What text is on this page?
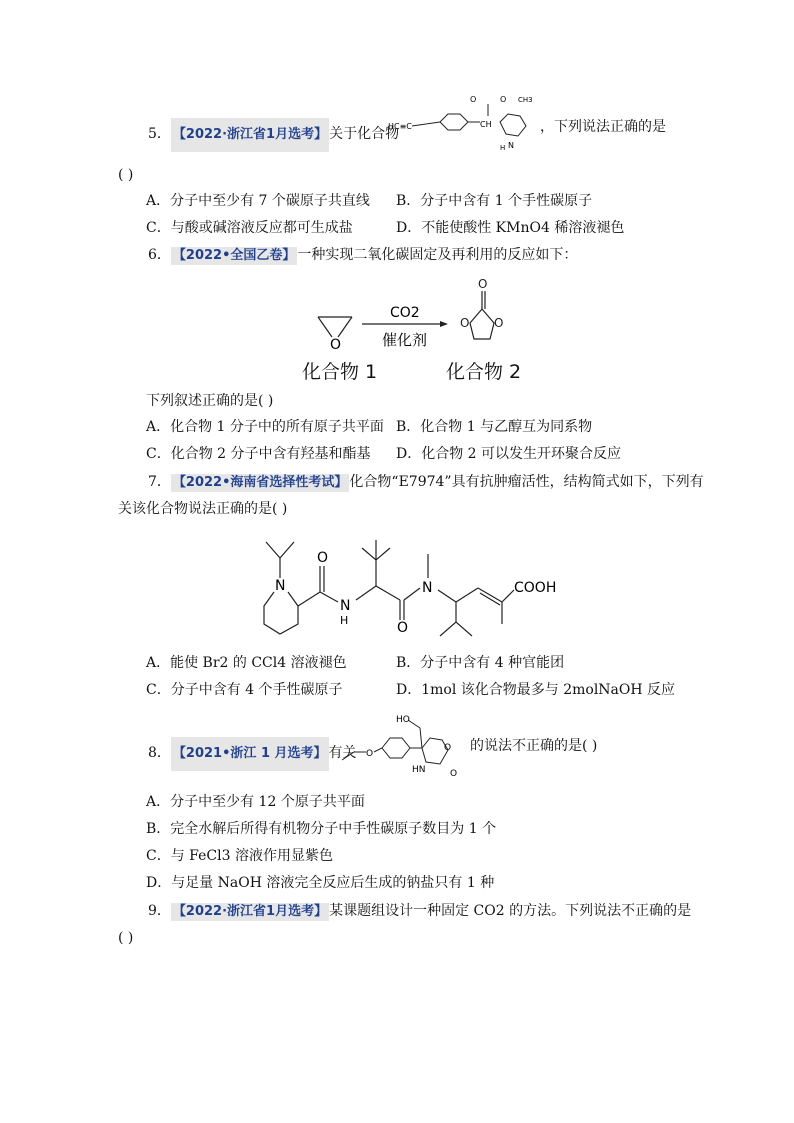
5． 【2022·浙江省1月选考】 关于化合物
HC≡C	CH
O	O CH3
N
H
，下列说法正确的是
( )
A．分子中至少有 7 个碳原子共直线 B．分子中含有 1 个手性碳原子
C．与酸或碱溶液反应都可生成盐	D．不能使酸性 KMnO4 稀溶液褪色
6． 【2022•全国乙卷】 一种实现二氧化碳固定及再利用的反应如下：
O
CO2
催化剂
O
O O
化合物 1	化合物 2
下列叙述正确的是( )
A．化合物 1 分子中的所有原子共平面 B．化合物 1 与乙醇互为同系物
C．化合物 2 分子中含有羟基和酯基 D．化合物 2 可以发生开环聚合反应
7． 【2022•海南省选择性考试】 化合物“E7974”具有抗肿瘤活性，结构简式如下，下列有
关该化合物说法正确的是( )
N
O
N
H	O
N	COOH
A．能使 Br2 的 CCl4 溶液褪色	B．分子中含有 4 种官能团
C．分子中含有 4 个手性碳原子	D．1mol 该化合物最多与 2molNaOH 反应
8． 【2021•浙江 1 月选考】 有关 O
HO
O
HN	O
的说法不正确的是( )
A．分子中至少有 12 个原子共平面
B．完全水解后所得有机物分子中手性碳原子数目为 1 个
C．与 FeCl3 溶液作用显紫色
D．与足量 NaOH 溶液完全反应后生成的钠盐只有 1 种
9． 【2022·浙江省1月选考】 某课题组设计一种固定 CO2 的方法。下列说法不正确的是
( )
